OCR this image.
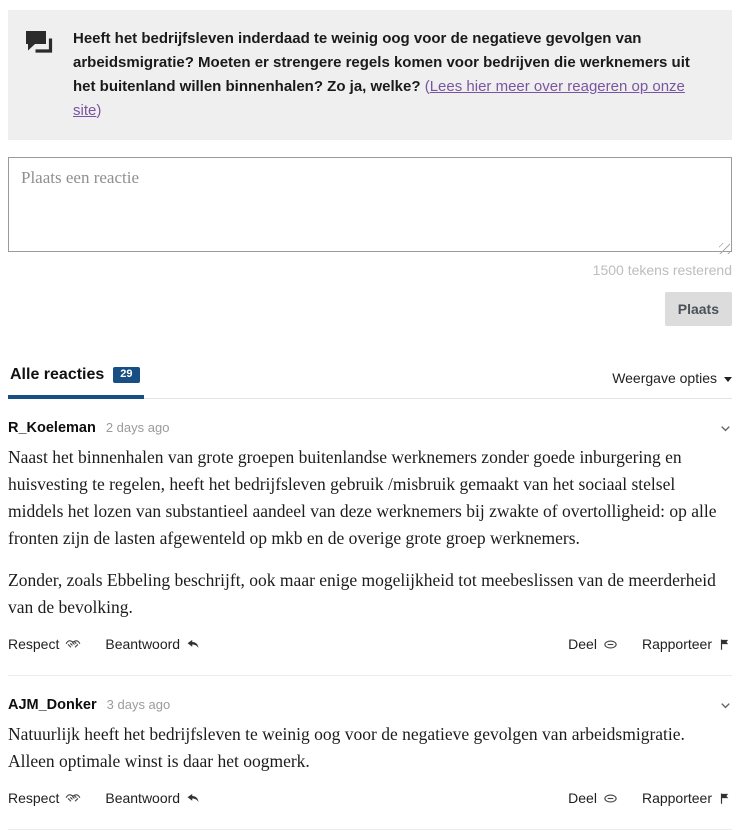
Heeft het bedrijfsleven inderdaad te weinig oog voor de negatieve gevolgen van arbeidsmigratie? Moeten er strengere regels komen voor bedrijven die werknemers uit het buitenland willen binnenhalen? Zo ja, welke? (Lees hier meer over reageren op onze site)
Plaats een reactie
1500 tekens resterend
Plaats
Alle reacties	29	Weergave opties
R_Koeleman 2 days ago

Naast het binnenhalen van grote groepen buitenlandse werknemers zonder goede inburgering en huisvesting te regelen, heeft het bedrijfsleven gebruik /misbruik gemaakt van het sociaal stelsel middels het lozen van substantieel aandeel van deze werknemers bij zwakte of overtolligheid: op alle fronten zijn de lasten afgewenteld op mkb en de overige grote groep werknemers.

Zonder, zoals Ebbeling beschrijft, ook maar enige mogelijkheid tot meebeslissen van de meerderheid van de bevolking.

Respect	Beantwoord	Deel	Rapporteer
AJM_Donker 3 days ago

Natuurlijk heeft het bedrijfsleven te weinig oog voor de negatieve gevolgen van arbeidsmigratie. Alleen optimale winst is daar het oogmerk.

Respect	Beantwoord	Deel	Rapporteer
